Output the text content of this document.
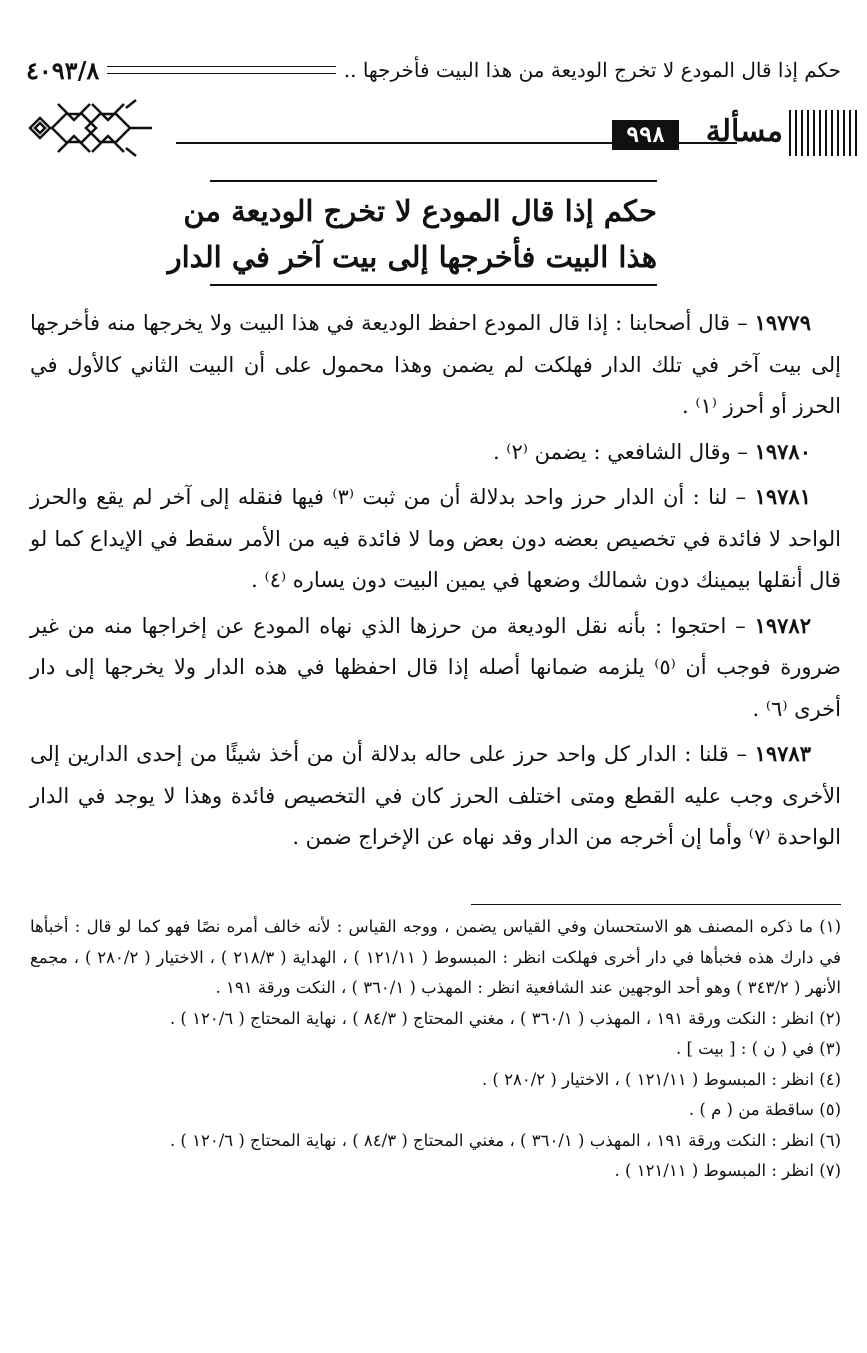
حكم إذا قال المودع لا تخرج الوديعة من هذا البيت فأخرجها ..
٤٠٩٣/٨
مسألة
٩٩٨
حكم إذا قال المودع لا تخرج الوديعة من
هذا البيت فأخرجها إلى بيت آخر في الدار

١٩٧٧٩ – قال أصحابنا : إذا قال المودع احفظ الوديعة في هذا البيت ولا يخرجها منه فأخرجها إلى بيت آخر في تلك الدار فهلكت لم يضمن وهذا محمول على أن البيت الثاني كالأول في الحرز أو أحرز ⁽١⁾ .

١٩٧٨٠ – وقال الشافعي : يضمن ⁽٢⁾ .

١٩٧٨١ – لنا : أن الدار حرز واحد بدلالة أن من ثبت ⁽٣⁾ فيها فنقله إلى آخر لم يقع والحرز الواحد لا فائدة في تخصيص بعضه دون بعض وما لا فائدة فيه من الأمر سقط في الإيداع كما لو قال أنقلها بيمينك دون شمالك وضعها في يمين البيت دون يساره ⁽٤⁾ .

١٩٧٨٢ – احتجوا : بأنه نقل الوديعة من حرزها الذي نهاه المودع عن إخراجها منه من غير ضرورة فوجب أن ⁽٥⁾ يلزمه ضمانها أصله إذا قال احفظها في هذه الدار ولا يخرجها إلى دار أخرى ⁽٦⁾ .

١٩٧٨٣ – قلنا : الدار كل واحد حرز على حاله بدلالة أن من أخذ شيئًا من إحدى الدارين إلى الأخرى وجب عليه القطع ومتى اختلف الحرز كان في التخصيص فائدة وهذا لا يوجد في الدار الواحدة ⁽٧⁾ وأما إن أخرجه من الدار وقد نهاه عن الإخراج ضمن .

(١) ما ذكره المصنف هو الاستحسان وفي القياس يضمن ، ووجه القياس : لأنه خالف أمره نصًا فهو كما لو قال : أخبأها في دارك هذه فخبأها في دار أخرى فهلكت انظر : المبسوط ( ١٢١/١١ ) ، الهداية ( ٢١٨/٣ ) ، الاختيار ( ٢٨٠/٢ ) ، مجمع الأنهر ( ٣٤٣/٢ ) وهو أحد الوجهين عند الشافعية انظر : المهذب ( ٣٦٠/١ ) ، النكت ورقة ١٩١ .

(٢) انظر : النكت ورقة ١٩١ ، المهذب ( ٣٦٠/١ ) ، مغني المحتاج ( ٨٤/٣ ) ، نهاية المحتاج ( ١٢٠/٦ ) .

(٣) في ( ن ) : [ بيت ] .

(٤) انظر : المبسوط ( ١٢١/١١ ) ، الاختيار ( ٢٨٠/٢ ) .

(٥) ساقطة من ( م ) .

(٦) انظر : النكت ورقة ١٩١ ، المهذب ( ٣٦٠/١ ) ، مغني المحتاج ( ٨٤/٣ ) ، نهاية المحتاج ( ١٢٠/٦ ) .

(٧) انظر : المبسوط ( ١٢١/١١ ) .
